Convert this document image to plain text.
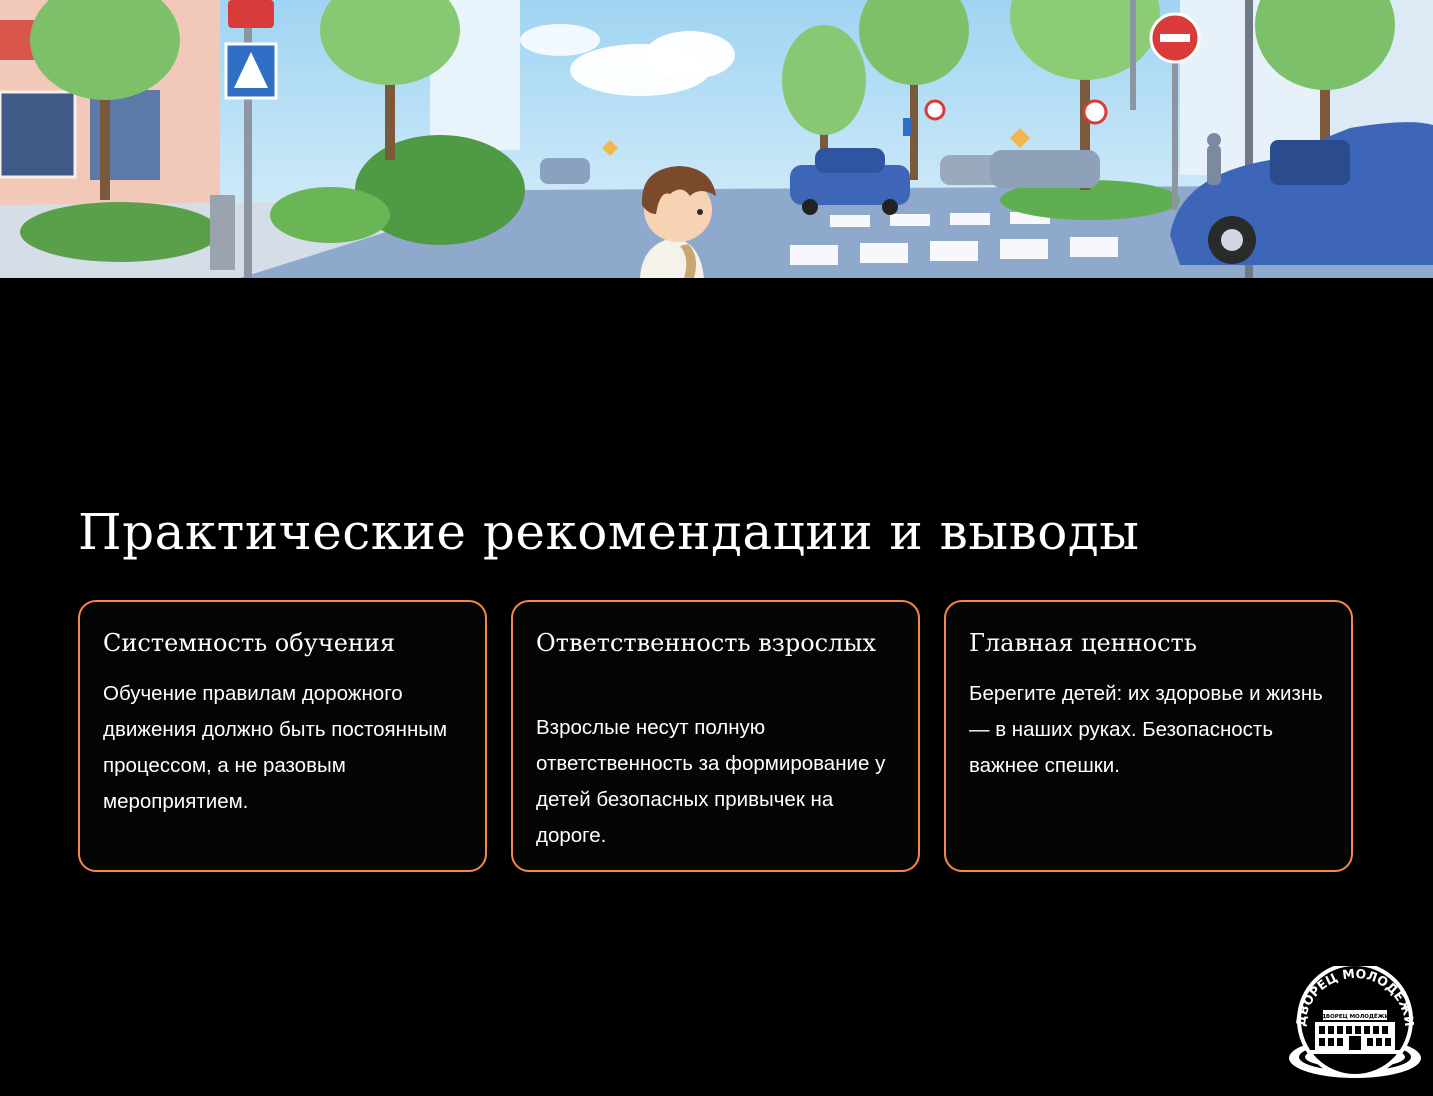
Практические рекомендации и выводы
Системность обучения

Обучение правилам дорожного движения должно быть постоянным процессом, а не разовым мероприятием.

Ответственность взрослых

Взрослые несут полную ответственность за формирование у детей безопасных привычек на дороге.

Главная ценность

Берегите детей: их здоровье и жизнь — в наших руках. Безопасность важнее спешки.

ДВОРЕЦ МОЛОДЁЖИ
ДВОРЕЦ МОЛОДЁЖИ
